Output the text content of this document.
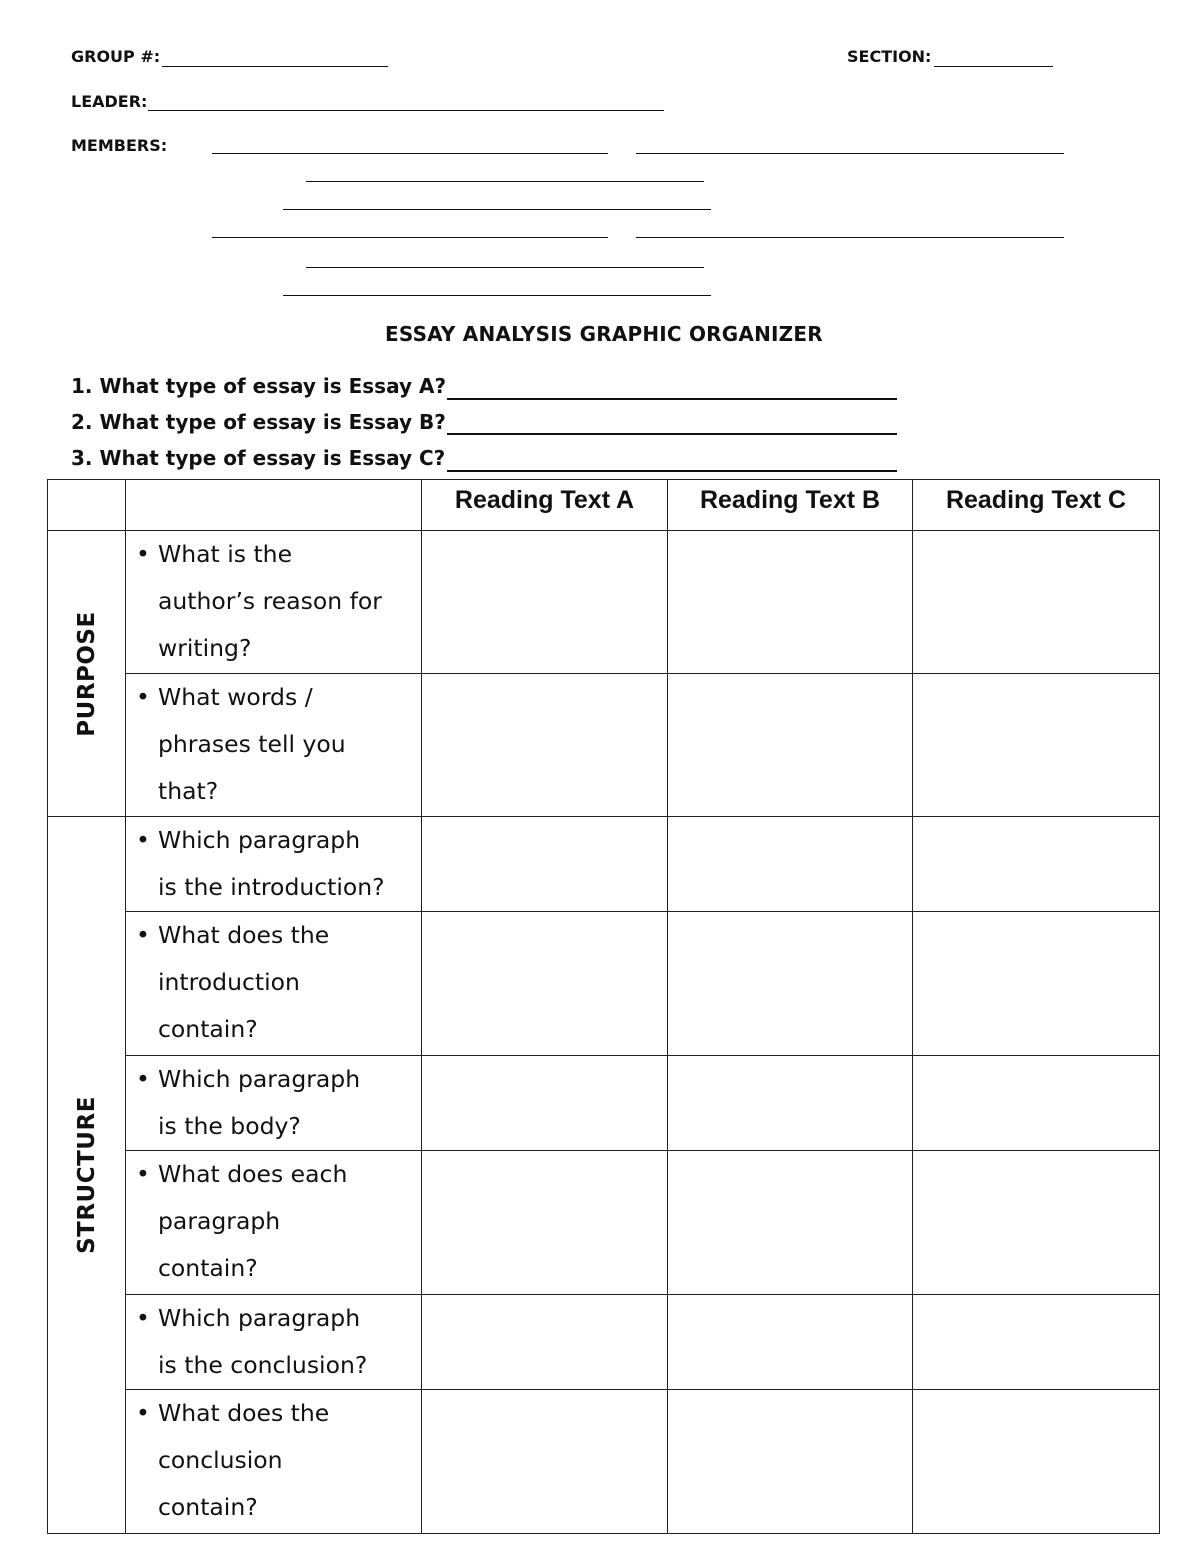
GROUP #:	SECTION:
LEADER:
MEMBERS:
ESSAY ANALYSIS GRAPHIC ORGANIZER
1. What type of essay is Essay A?
2. What type of essay is Essay B?
3. What type of essay is Essay C?
		Reading Text A	Reading Text B	Reading Text C

PURPOSE	• What is the
author’s reason for
writing?			

	• What words /
phrases tell you
that?			

STRUCTURE	• Which paragraph
is the introduction?			

	• What does the
introduction
contain?			

	• Which paragraph
is the body?			

	• What does each
paragraph
contain?			

	• Which paragraph
is the conclusion?			

	• What does the
conclusion
contain?			
